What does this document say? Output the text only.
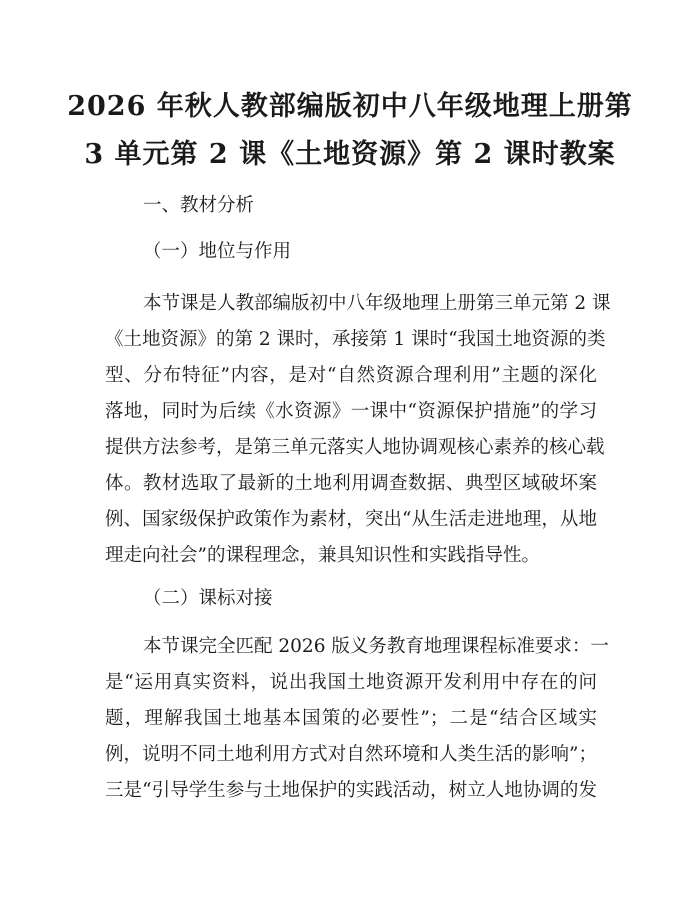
2026 年秋人教部编版初中八年级地理上册第
3 单元第 2 课《土地资源》第 2 课时教案
一、教材分析
（一）地位与作用
本节课是人教部编版初中八年级地理上册第三单元第 2 课
《土地资源》的第 2 课时，承接第 1 课时“我国土地资源的类
型、分布特征”内容，是对“自然资源合理利用”主题的深化
落地，同时为后续《水资源》一课中“资源保护措施”的学习
提供方法参考，是第三单元落实人地协调观核心素养的核心载
体。教材选取了最新的土地利用调查数据、典型区域破坏案
例、国家级保护政策作为素材，突出“从生活走进地理，从地
理走向社会”的课程理念，兼具知识性和实践指导性。
（二）课标对接
本节课完全匹配 2026 版义务教育地理课程标准要求：一
是“运用真实资料，说出我国土地资源开发利用中存在的问
题，理解我国土地基本国策的必要性”；二是“结合区域实
例，说明不同土地利用方式对自然环境和人类生活的影响”；
三是“引导学生参与土地保护的实践活动，树立人地协调的发
